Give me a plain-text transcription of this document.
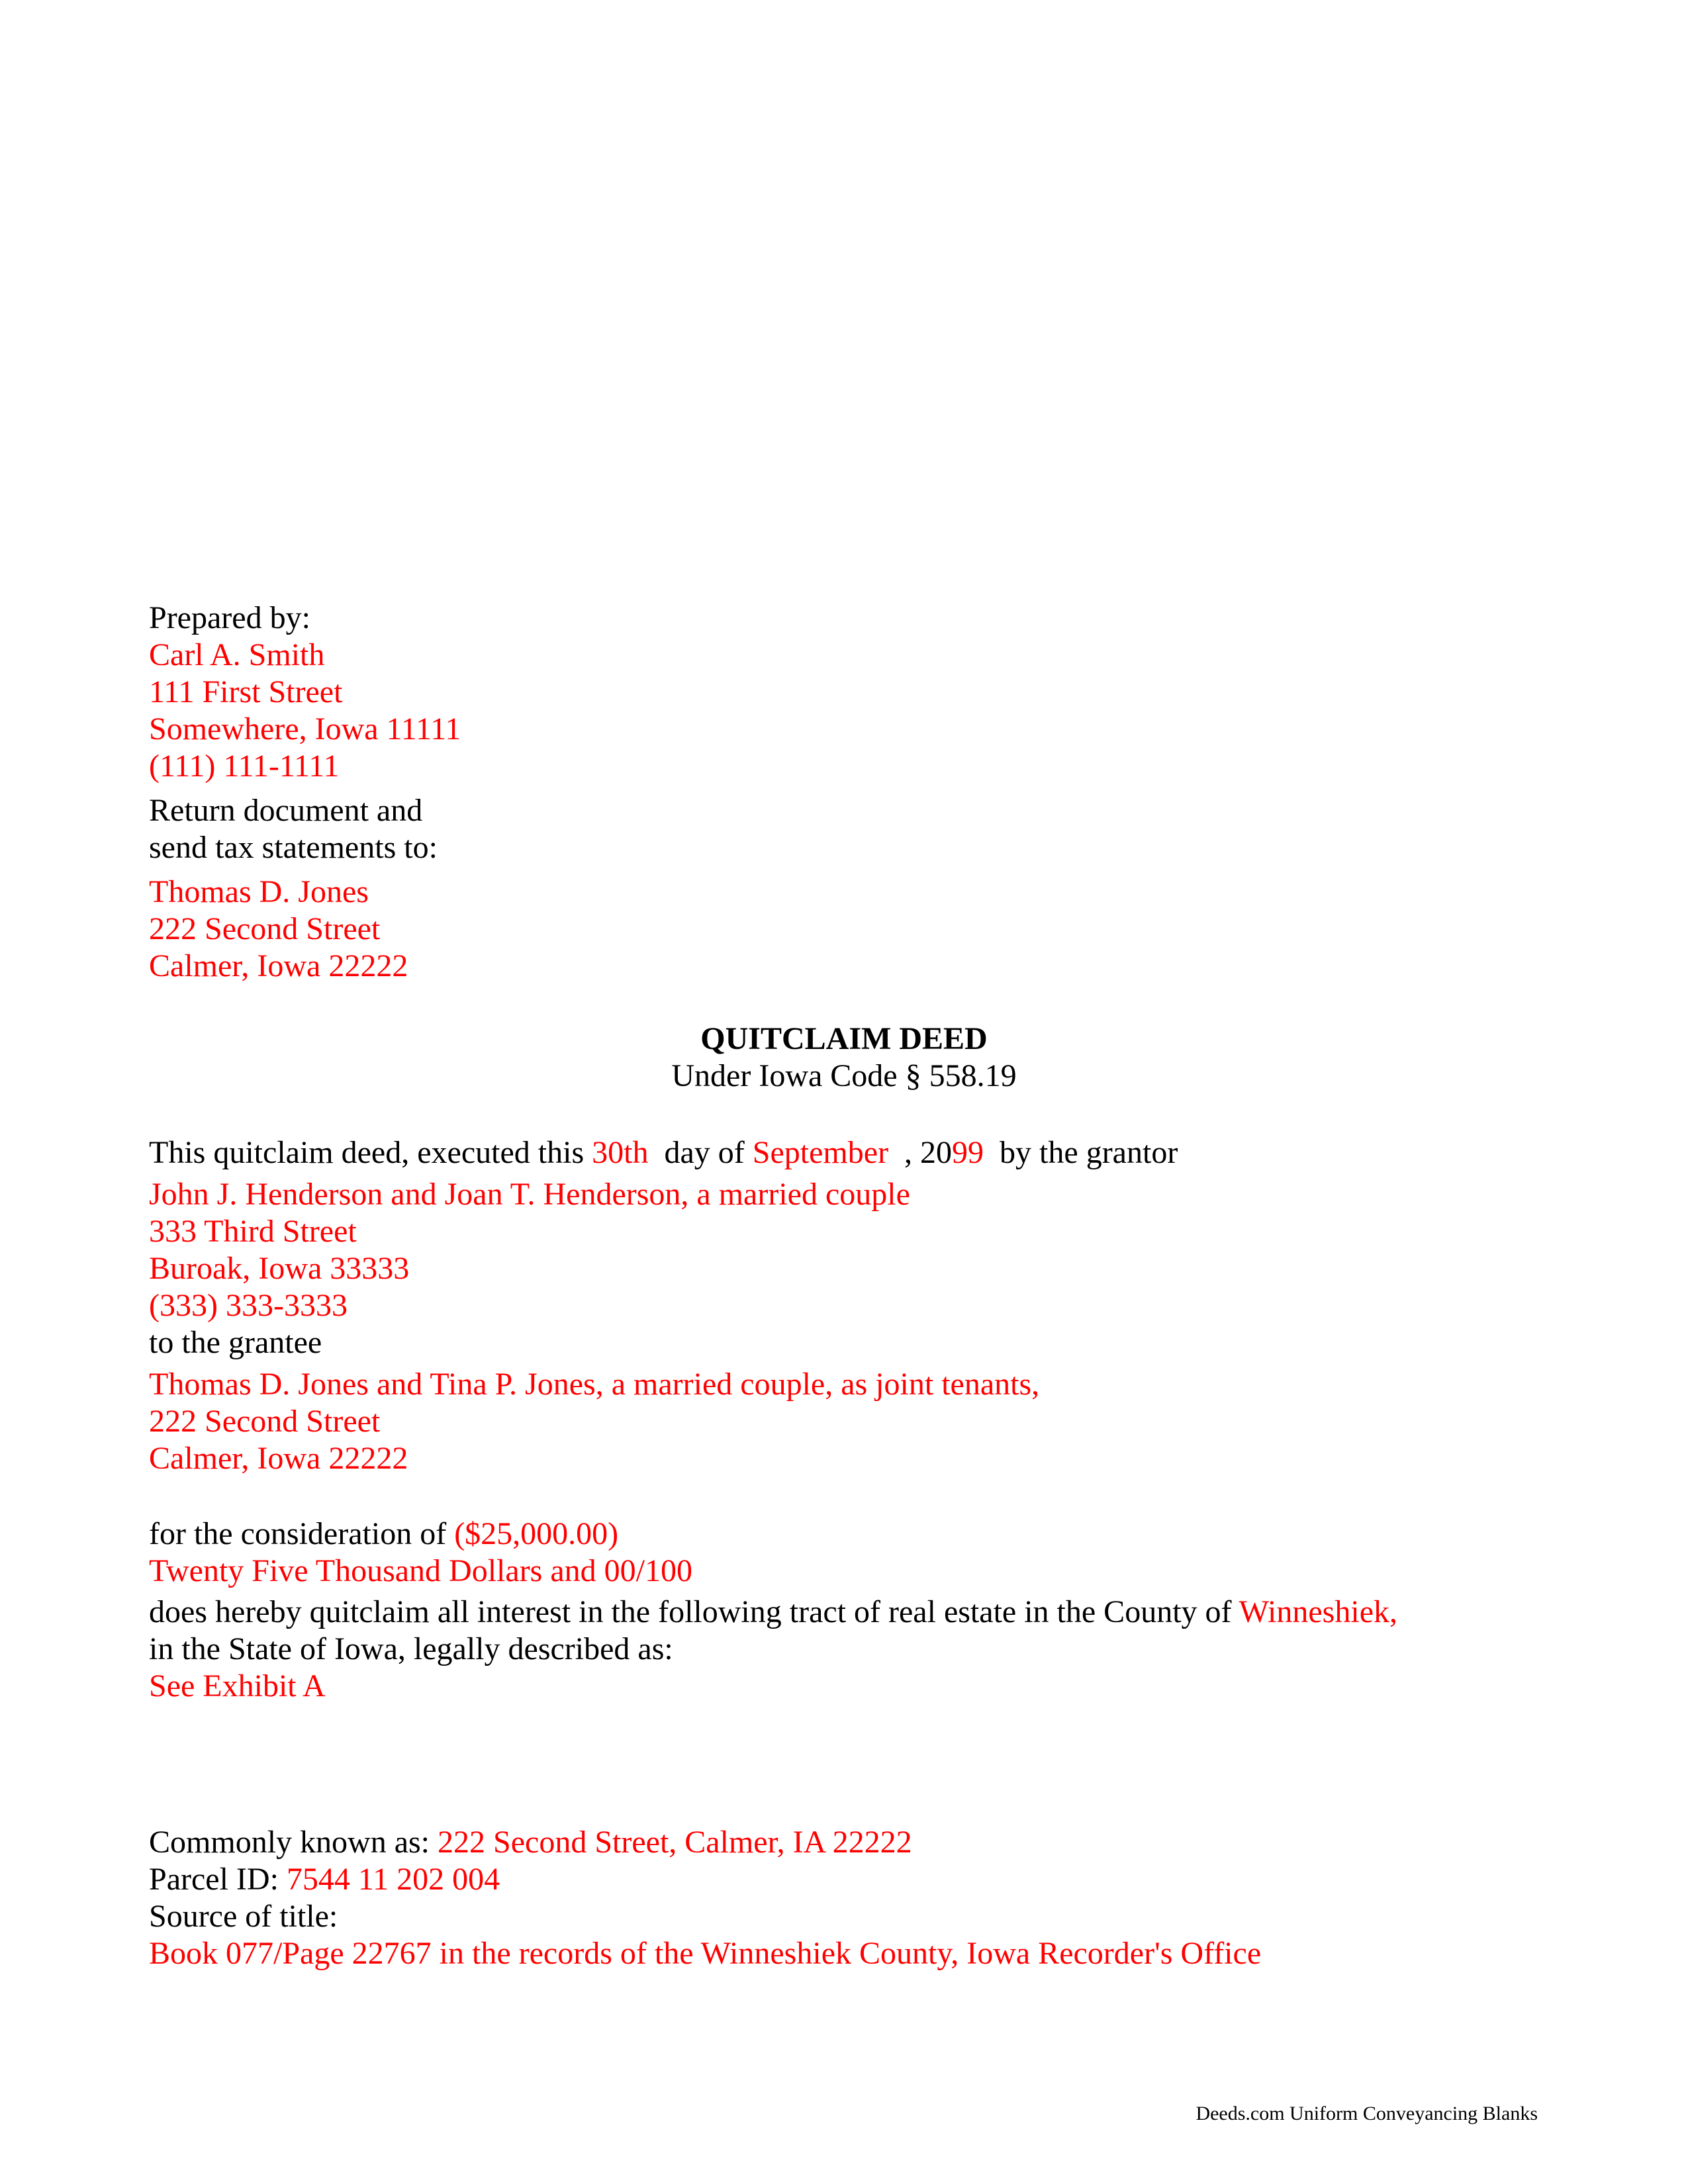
Prepared by:
Carl A. Smith
111 First Street
Somewhere, Iowa 11111
(111) 111-1111
Return document and
send tax statements to:
Thomas D. Jones
222 Second Street
Calmer, Iowa 22222
QUITCLAIM DEED
Under Iowa Code § 558.19
This quitclaim deed, executed this 30th  day of September  , 2099  by the grantor
John J. Henderson and Joan T. Henderson, a married couple
333 Third Street
Buroak, Iowa 33333
(333) 333-3333
to the grantee
Thomas D. Jones and Tina P. Jones, a married couple, as joint tenants,
222 Second Street
Calmer, Iowa 22222
for the consideration of ($25,000.00)
Twenty Five Thousand Dollars and 00/100
does hereby quitclaim all interest in the following tract of real estate in the County of Winneshiek,
in the State of Iowa, legally described as:
See Exhibit A
Commonly known as: 222 Second Street, Calmer, IA 22222
Parcel ID: 7544 11 202 004
Source of title:
Book 077/Page 22767 in the records of the Winneshiek County, Iowa Recorder's Office
Deeds.com Uniform Conveyancing Blanks
